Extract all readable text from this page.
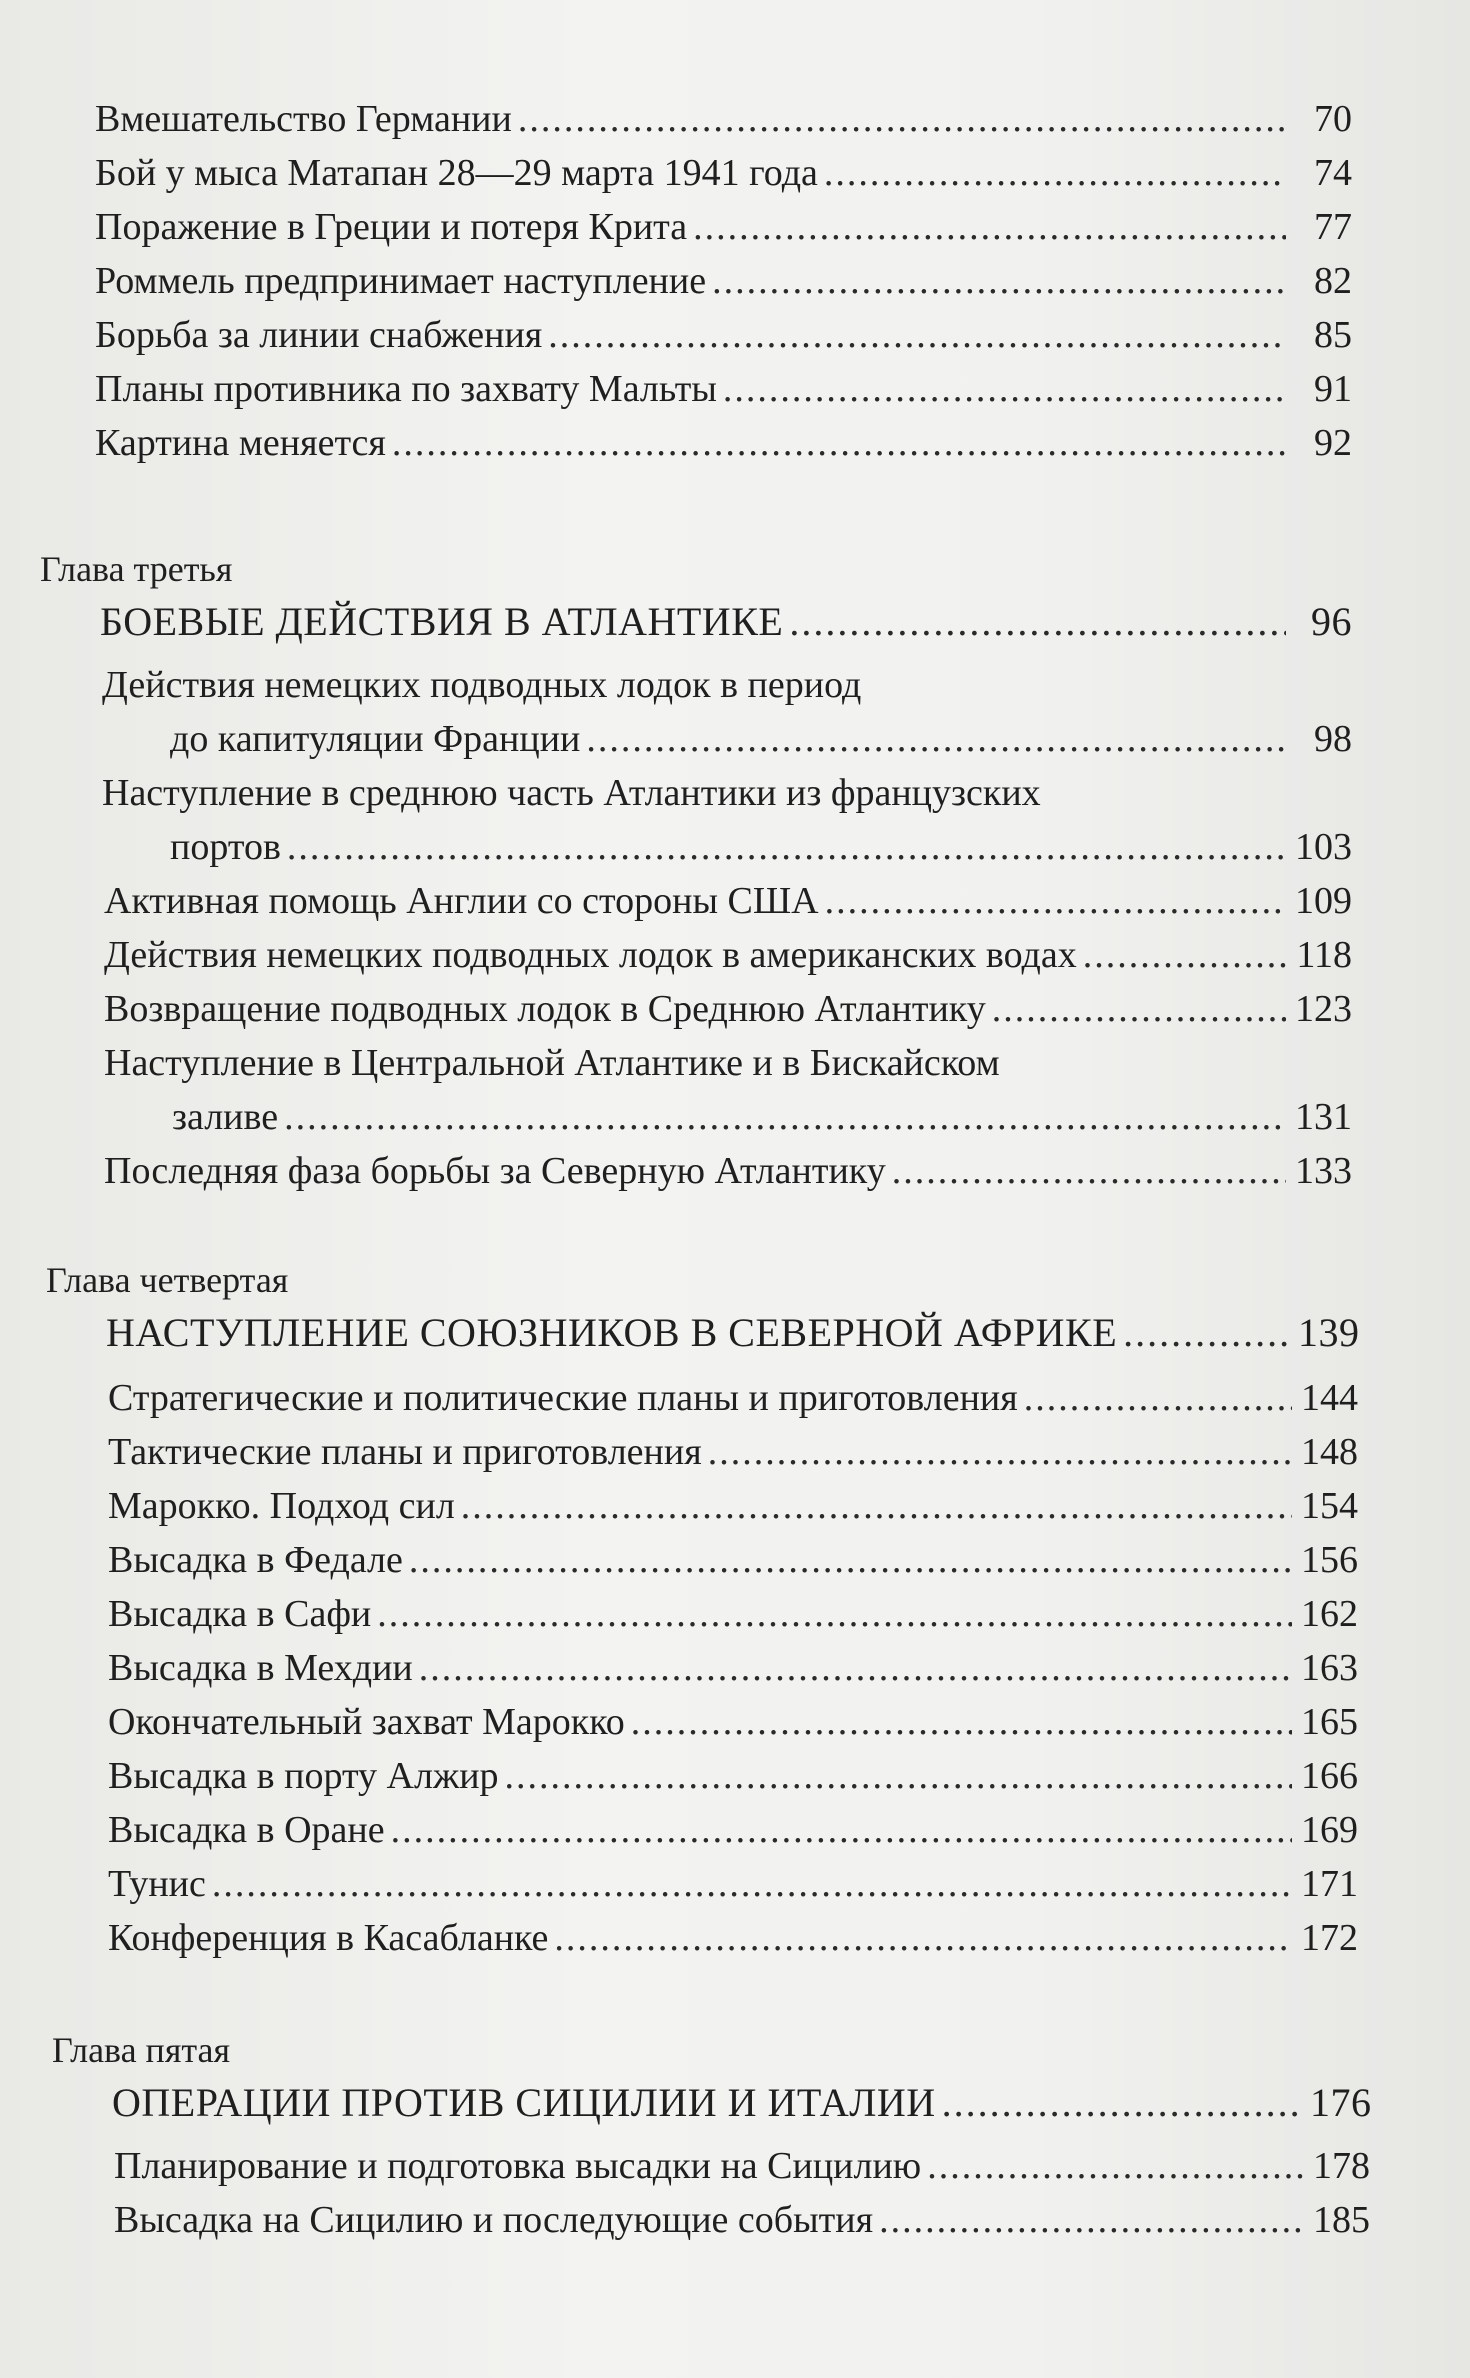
Вмешательство Германии .....	70
Бой у мыса Матапан 28—29 марта 1941 года .....	74
Поражение в Греции и потеря Крита .....	77
Роммель предпринимает наступление .....	82
Борьба за линии снабжения .....	85
Планы противника по захвату Мальты .....	91
Картина меняется .....	92
Глава третья
БОЕВЫЕ ДЕЙСТВИЯ В АТЛАНТИКЕ .....	96
Действия немецких подводных лодок в период
до капитуляции Франции .....	98
Наступление в среднюю часть Атлантики из французских
портов .....	103
Активная помощь Англии со стороны США .....	109
Действия немецких подводных лодок в американских водах .....	118
Возвращение подводных лодок в Среднюю Атлантику .....	123
Наступление в Центральной Атлантике и в Бискайском
заливе .....	131
Последняя фаза борьбы за Северную Атлантику .....	133
Глава четвертая
НАСТУПЛЕНИЕ СОЮЗНИКОВ В СЕВЕРНОЙ АФРИКЕ .....	139
Стратегические и политические планы и приготовления .....	144
Тактические планы и приготовления .....	148
Марокко. Подход сил .....	154
Высадка в Федале .....	156
Высадка в Сафи .....	162
Высадка в Мехдии .....	163
Окончательный захват Марокко .....	165
Высадка в порту Алжир .....	166
Высадка в Оране .....	169
Тунис .....	171
Конференция в Касабланке .....	172
Глава пятая
ОПЕРАЦИИ ПРОТИВ СИЦИЛИИ И ИТАЛИИ .....	176
Планирование и подготовка высадки на Сицилию .....	178
Высадка на Сицилию и последующие события .....	185
